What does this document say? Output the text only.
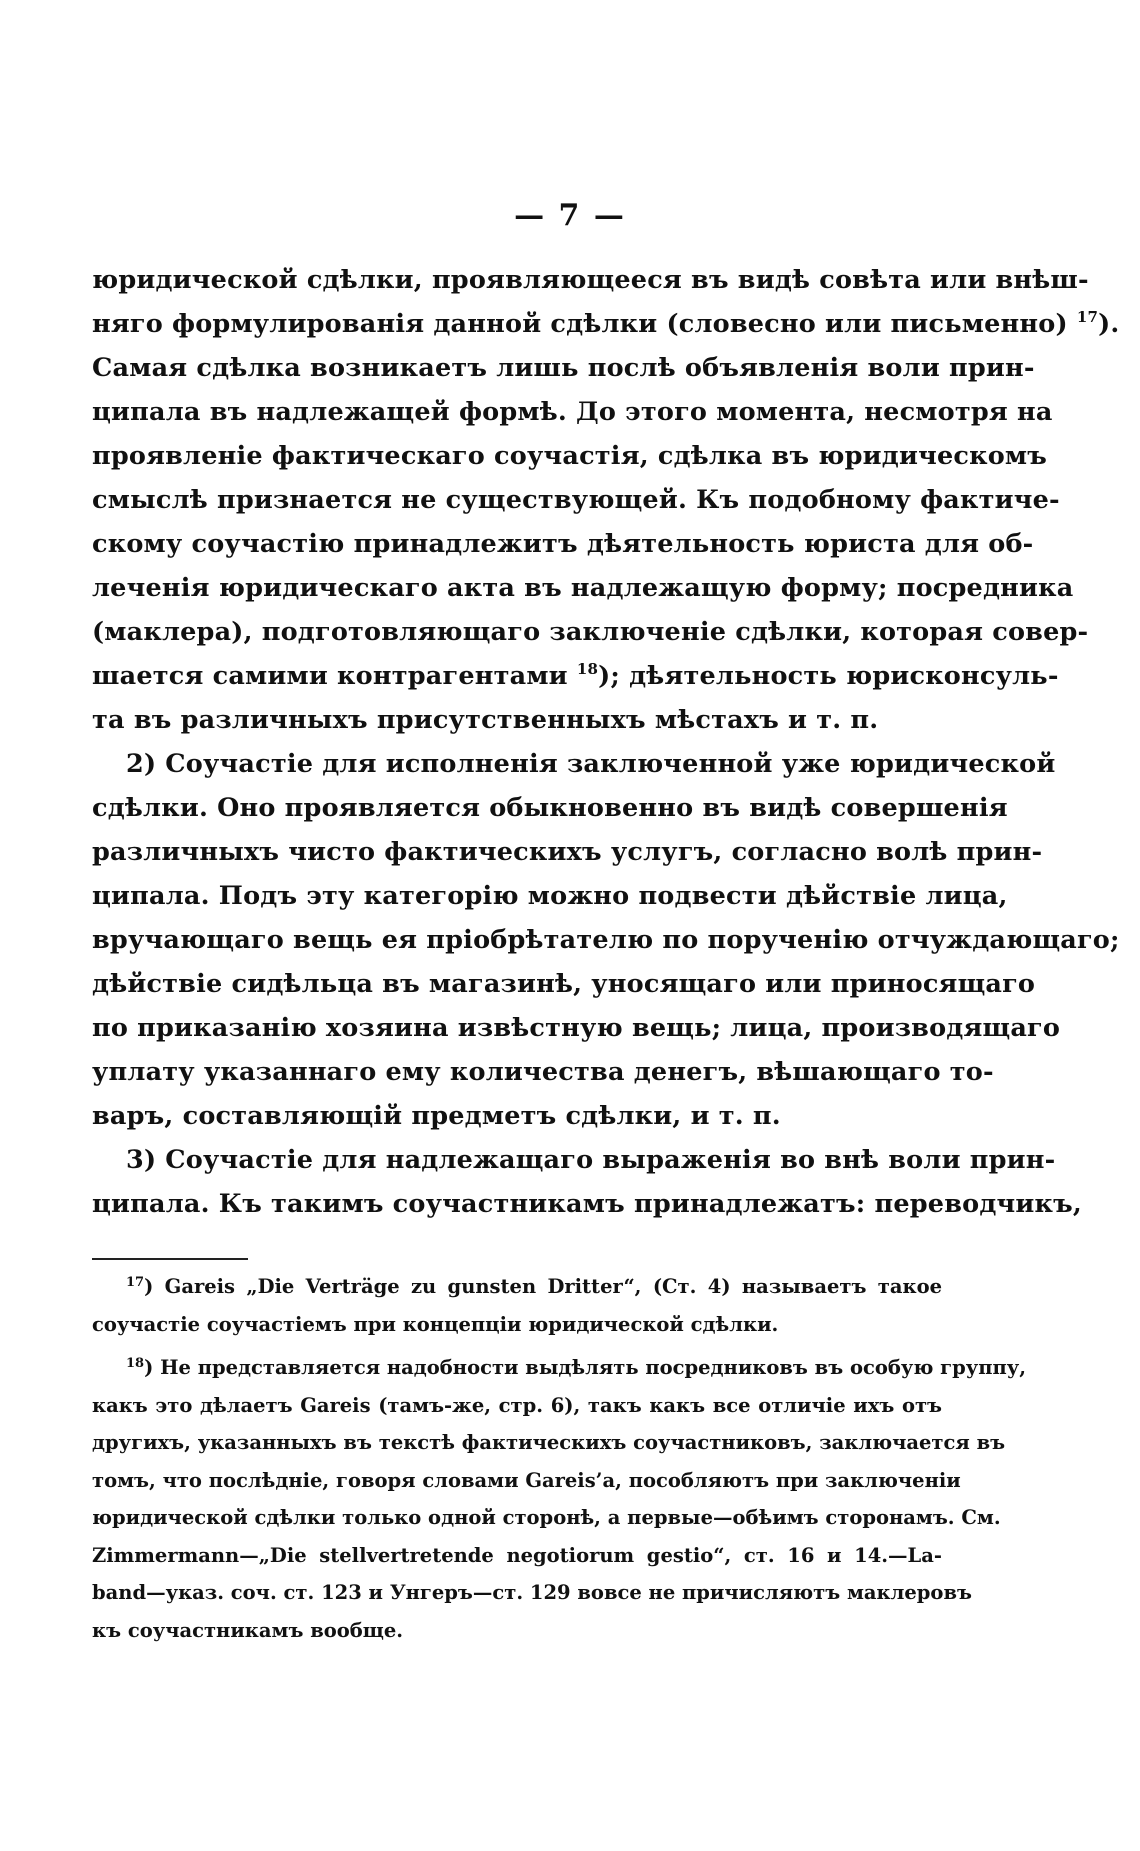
— 7 —
юридической сдѣлки, проявляющееся въ видѣ совѣта или внѣш-
няго формулированія данной сдѣлки (словесно или письменно) $^{17}$).
Самая сдѣлка возникаетъ лишь послѣ объявленія воли прин-
ципала въ надлежащей формѣ. До этого момента, несмотря на
проявленіе фактическаго соучастія, сдѣлка въ юридическомъ
смыслѣ признается не существующей. Къ подобному фактиче-
скому соучастію принадлежитъ дѣятельность юриста для об-
леченія юридическаго акта въ надлежащую форму; посредника
(маклера), подготовляющаго заключеніе сдѣлки, которая совер-
шается самими контрагентами $^{18}$); дѣятельность юрисконсуль-
та въ различныхъ присутственныхъ мѣстахъ и т. п.
2) Соучастіе для исполненія заключенной уже юридической
сдѣлки. Оно проявляется обыкновенно въ видѣ совершенія
различныхъ чисто фактическихъ услугъ, согласно волѣ прин-
ципала. Подъ эту категорію можно подвести дѣйствіе лица,
вручающаго вещь ея пріобрѣтателю по порученію отчуждающаго;
дѣйствіе сидѣльца въ магазинѣ, уносящаго или приносящаго
по приказанію хозяина извѣстную вещь; лица, производящаго
уплату указаннаго ему количества денегъ, вѣшающаго то-
варъ, составляющій предметъ сдѣлки, и т. п.
3) Соучастіе для надлежащаго выраженія во внѣ воли прин-
ципала. Къ такимъ соучастникамъ принадлежатъ: переводчикъ,
$^{17}$) Gareis „Die Verträge zu gunsten Dritter“, (Ст. 4) называетъ такое
соучастіе соучастіемъ при концепціи юридической сдѣлки.
$^{18}$) Не представляется надобности выдѣлять посредниковъ въ особую группу,
какъ это дѣлаетъ Gareis (тамъ-же, стр. 6), такъ какъ все отличіе ихъ отъ
другихъ, указанныхъ въ текстѣ фактическихъ соучастниковъ, заключается въ
томъ, что послѣдніе, говоря словами Gareis’а, пособляютъ при заключеніи
юридической сдѣлки только одной сторонѣ, а первые—обѣимъ сторонамъ. См.
Zimmermann—„Die stellvertretende negotiorum gestio“, ст. 16 и 14.—La-
band—указ. соч. ст. 123 и Унгеръ—ст. 129 вовсе не причисляютъ маклеровъ
къ соучастникамъ вообще.
